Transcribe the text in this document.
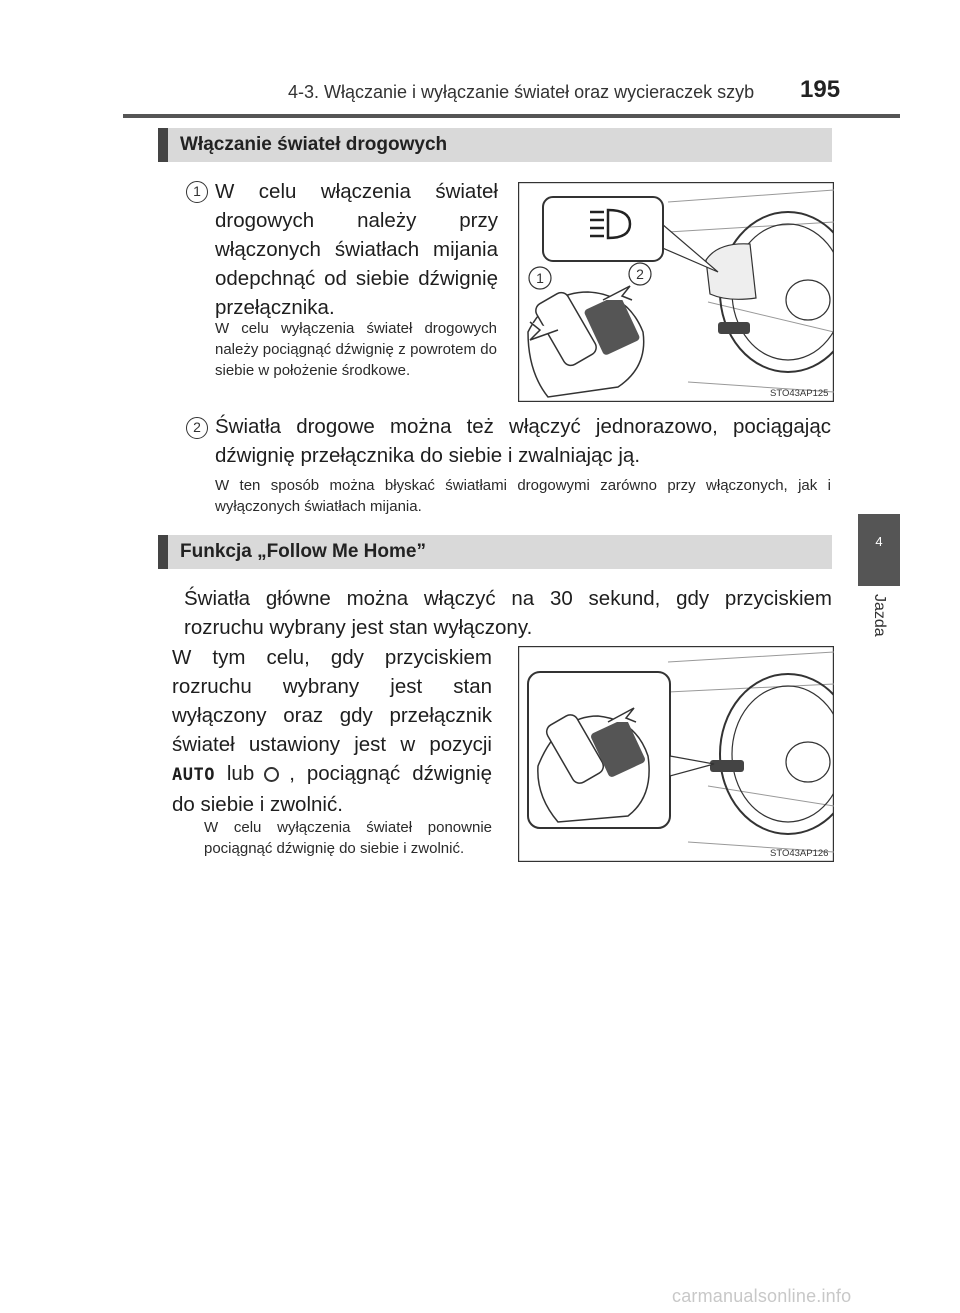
4-3. Włączanie i wyłączanie świateł oraz wycieraczek szyb 195
4
Jazda
Włączanie świateł drogowych
1 W celu włączenia świateł drogowych należy przy włączonych światłach mijania odepchnąć od siebie dźwignię przełącznika.
W celu wyłączenia świateł drogowych należy pociągnąć dźwignię z powrotem do siebie w położenie środkowe.
1	2
STO43AP125
2 Światła drogowe można też włączyć jednorazowo, pociągając dźwignię przełącznika do siebie i zwalniając ją.
W ten sposób można błyskać światłami drogowymi zarówno przy włączonych, jak i wyłączonych światłach mijania.
Funkcja „Follow Me Home”
Światła główne można włączyć na 30 sekund, gdy przyciskiem rozruchu wybrany jest stan wyłączony.
W tym celu, gdy przyciskiem rozruchu wybrany jest stan wyłączony oraz gdy przełącznik świateł ustawiony jest w pozycji AUTO lub , pociągnąć dźwignię do siebie i zwolnić.
W celu wyłączenia świateł ponownie pociągnąć dźwignię do siebie i zwolnić.	STO43AP126
carmanualsonline.info
